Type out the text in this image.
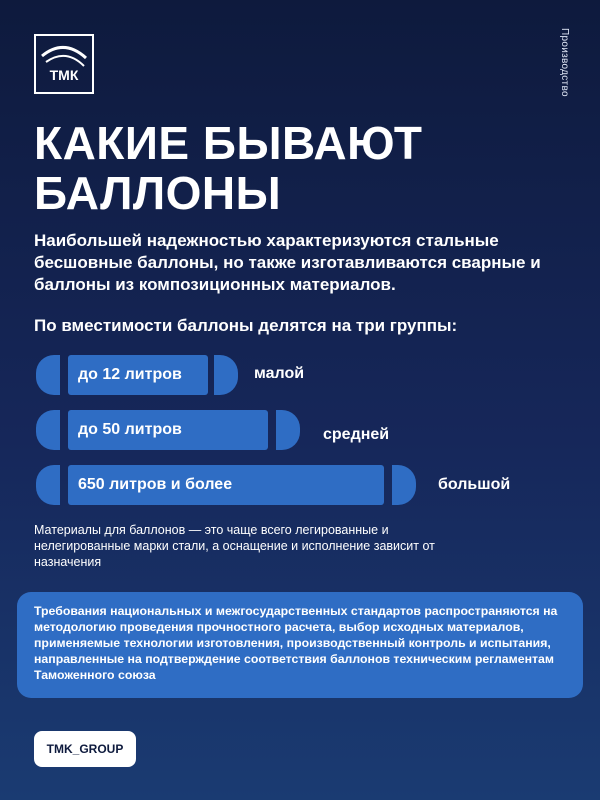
ТМК	Производство
КАКИЕ БЫВАЮТ
БАЛЛОНЫ

Наибольшей надежностью характеризуются стальные бесшовные баллоны, но также изготавливаются сварные и баллоны из композиционных материалов.

По вместимости баллоны делятся на три группы:

до 12 литров	малой
до 50 литров	средней
650 литров и более	большой

Материалы для баллонов — это чаще всего легированные и нелегированные марки стали, а оснащение и исполнение зависит от назначения

Требования национальных и межгосударственных стандартов распространяются на методологию проведения прочностного расчета, выбор исходных материалов, применяемые технологии изготовления, производственный контроль и испытания, направленные на подтверждение соответствия баллонов техническим регламентам Таможенного союза
TMK_GROUP
